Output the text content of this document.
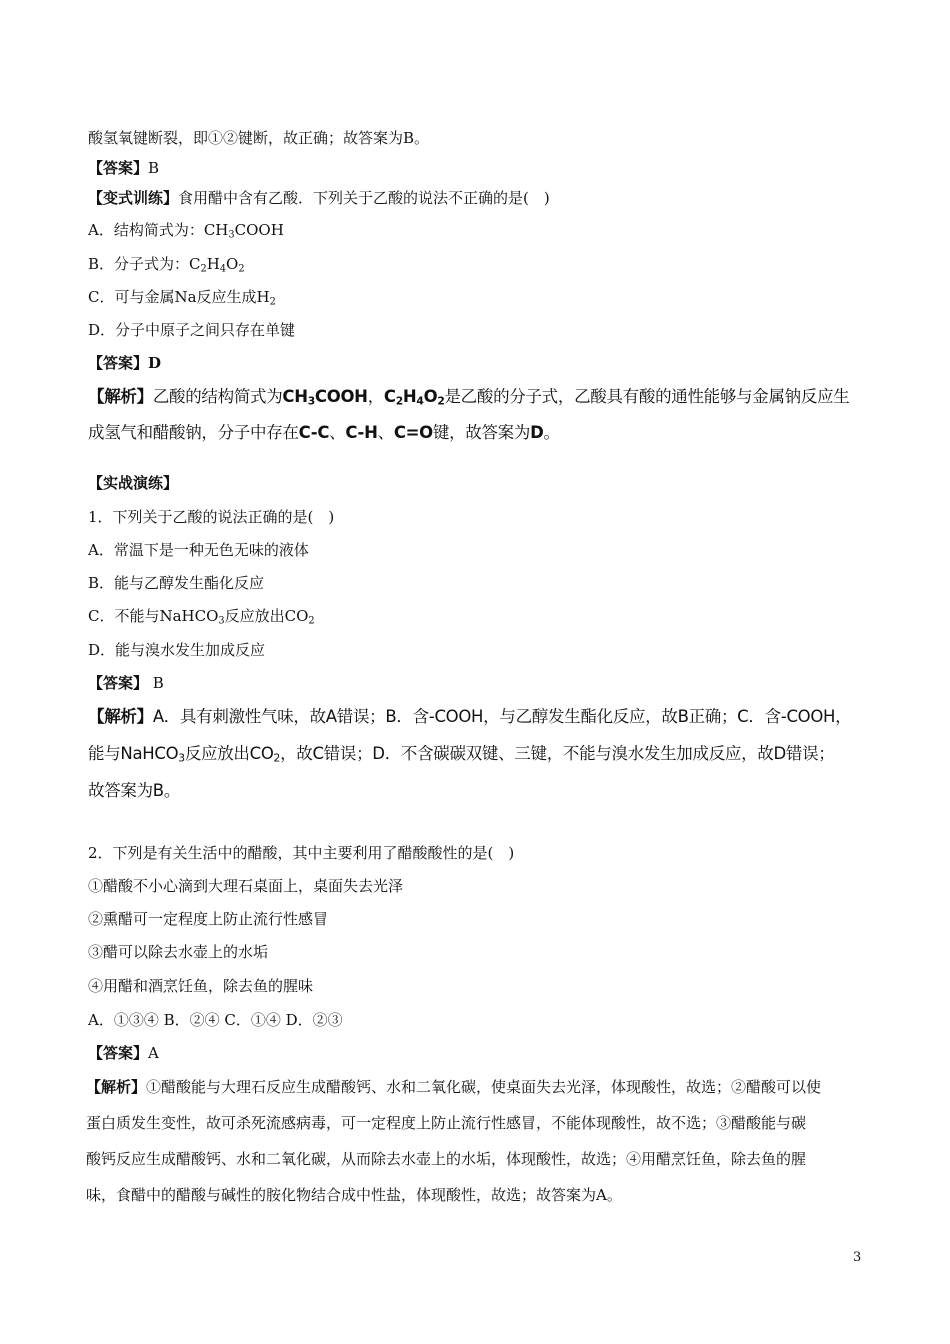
酸氢氧键断裂，即①②键断，故正确；故答案为B。
【答案】B
【变式训练】食用醋中含有乙酸．下列关于乙酸的说法不正确的是(　)
A．结构简式为：$CH_3COOH$
B．分子式为：$C_2H_4O_2$
C．可与金属Na反应生成$H_2$
D．分子中原子之间只存在单键
【答案】D
【解析】乙酸的结构简式为$CH_3COOH$，$C_2H_4O_2$是乙酸的分子式，乙酸具有酸的通性能够与金属钠反应生
成氢气和醋酸钠，分子中存在C-C、C-H、C=O键，故答案为D。
【实战演练】
1．下列关于乙酸的说法正确的是(　)
A．常温下是一种无色无味的液体
B．能与乙醇发生酯化反应
C．不能与NaHCO$_3$反应放出$CO_2$
D．能与溴水发生加成反应
【答案】 B
【解析】A．具有刺激性气味，故A错误；B．含-COOH，与乙醇发生酯化反应，故B正确；C．含-COOH，
能与NaHCO$_3$反应放出$CO_2$，故C错误；D．不含碳碳双键、三键，不能与溴水发生加成反应，故D错误；
故答案为B。
2．下列是有关生活中的醋酸，其中主要利用了醋酸酸性的是(　)
①醋酸不小心滴到大理石桌面上，桌面失去光泽
②熏醋可一定程度上防止流行性感冒
③醋可以除去水壶上的水垢
④用醋和酒烹饪鱼，除去鱼的腥味
A．①③④ B．②④ C．①④ D．②③
【答案】A
【解析】①醋酸能与大理石反应生成醋酸钙、水和二氧化碳，使桌面失去光泽，体现酸性，故选；②醋酸可以使
蛋白质发生变性，故可杀死流感病毒，可一定程度上防止流行性感冒，不能体现酸性，故不选；③醋酸能与碳
酸钙反应生成醋酸钙、水和二氧化碳，从而除去水壶上的水垢，体现酸性，故选；④用醋烹饪鱼，除去鱼的腥
味，食醋中的醋酸与碱性的胺化物结合成中性盐，体现酸性，故选；故答案为A。
3
